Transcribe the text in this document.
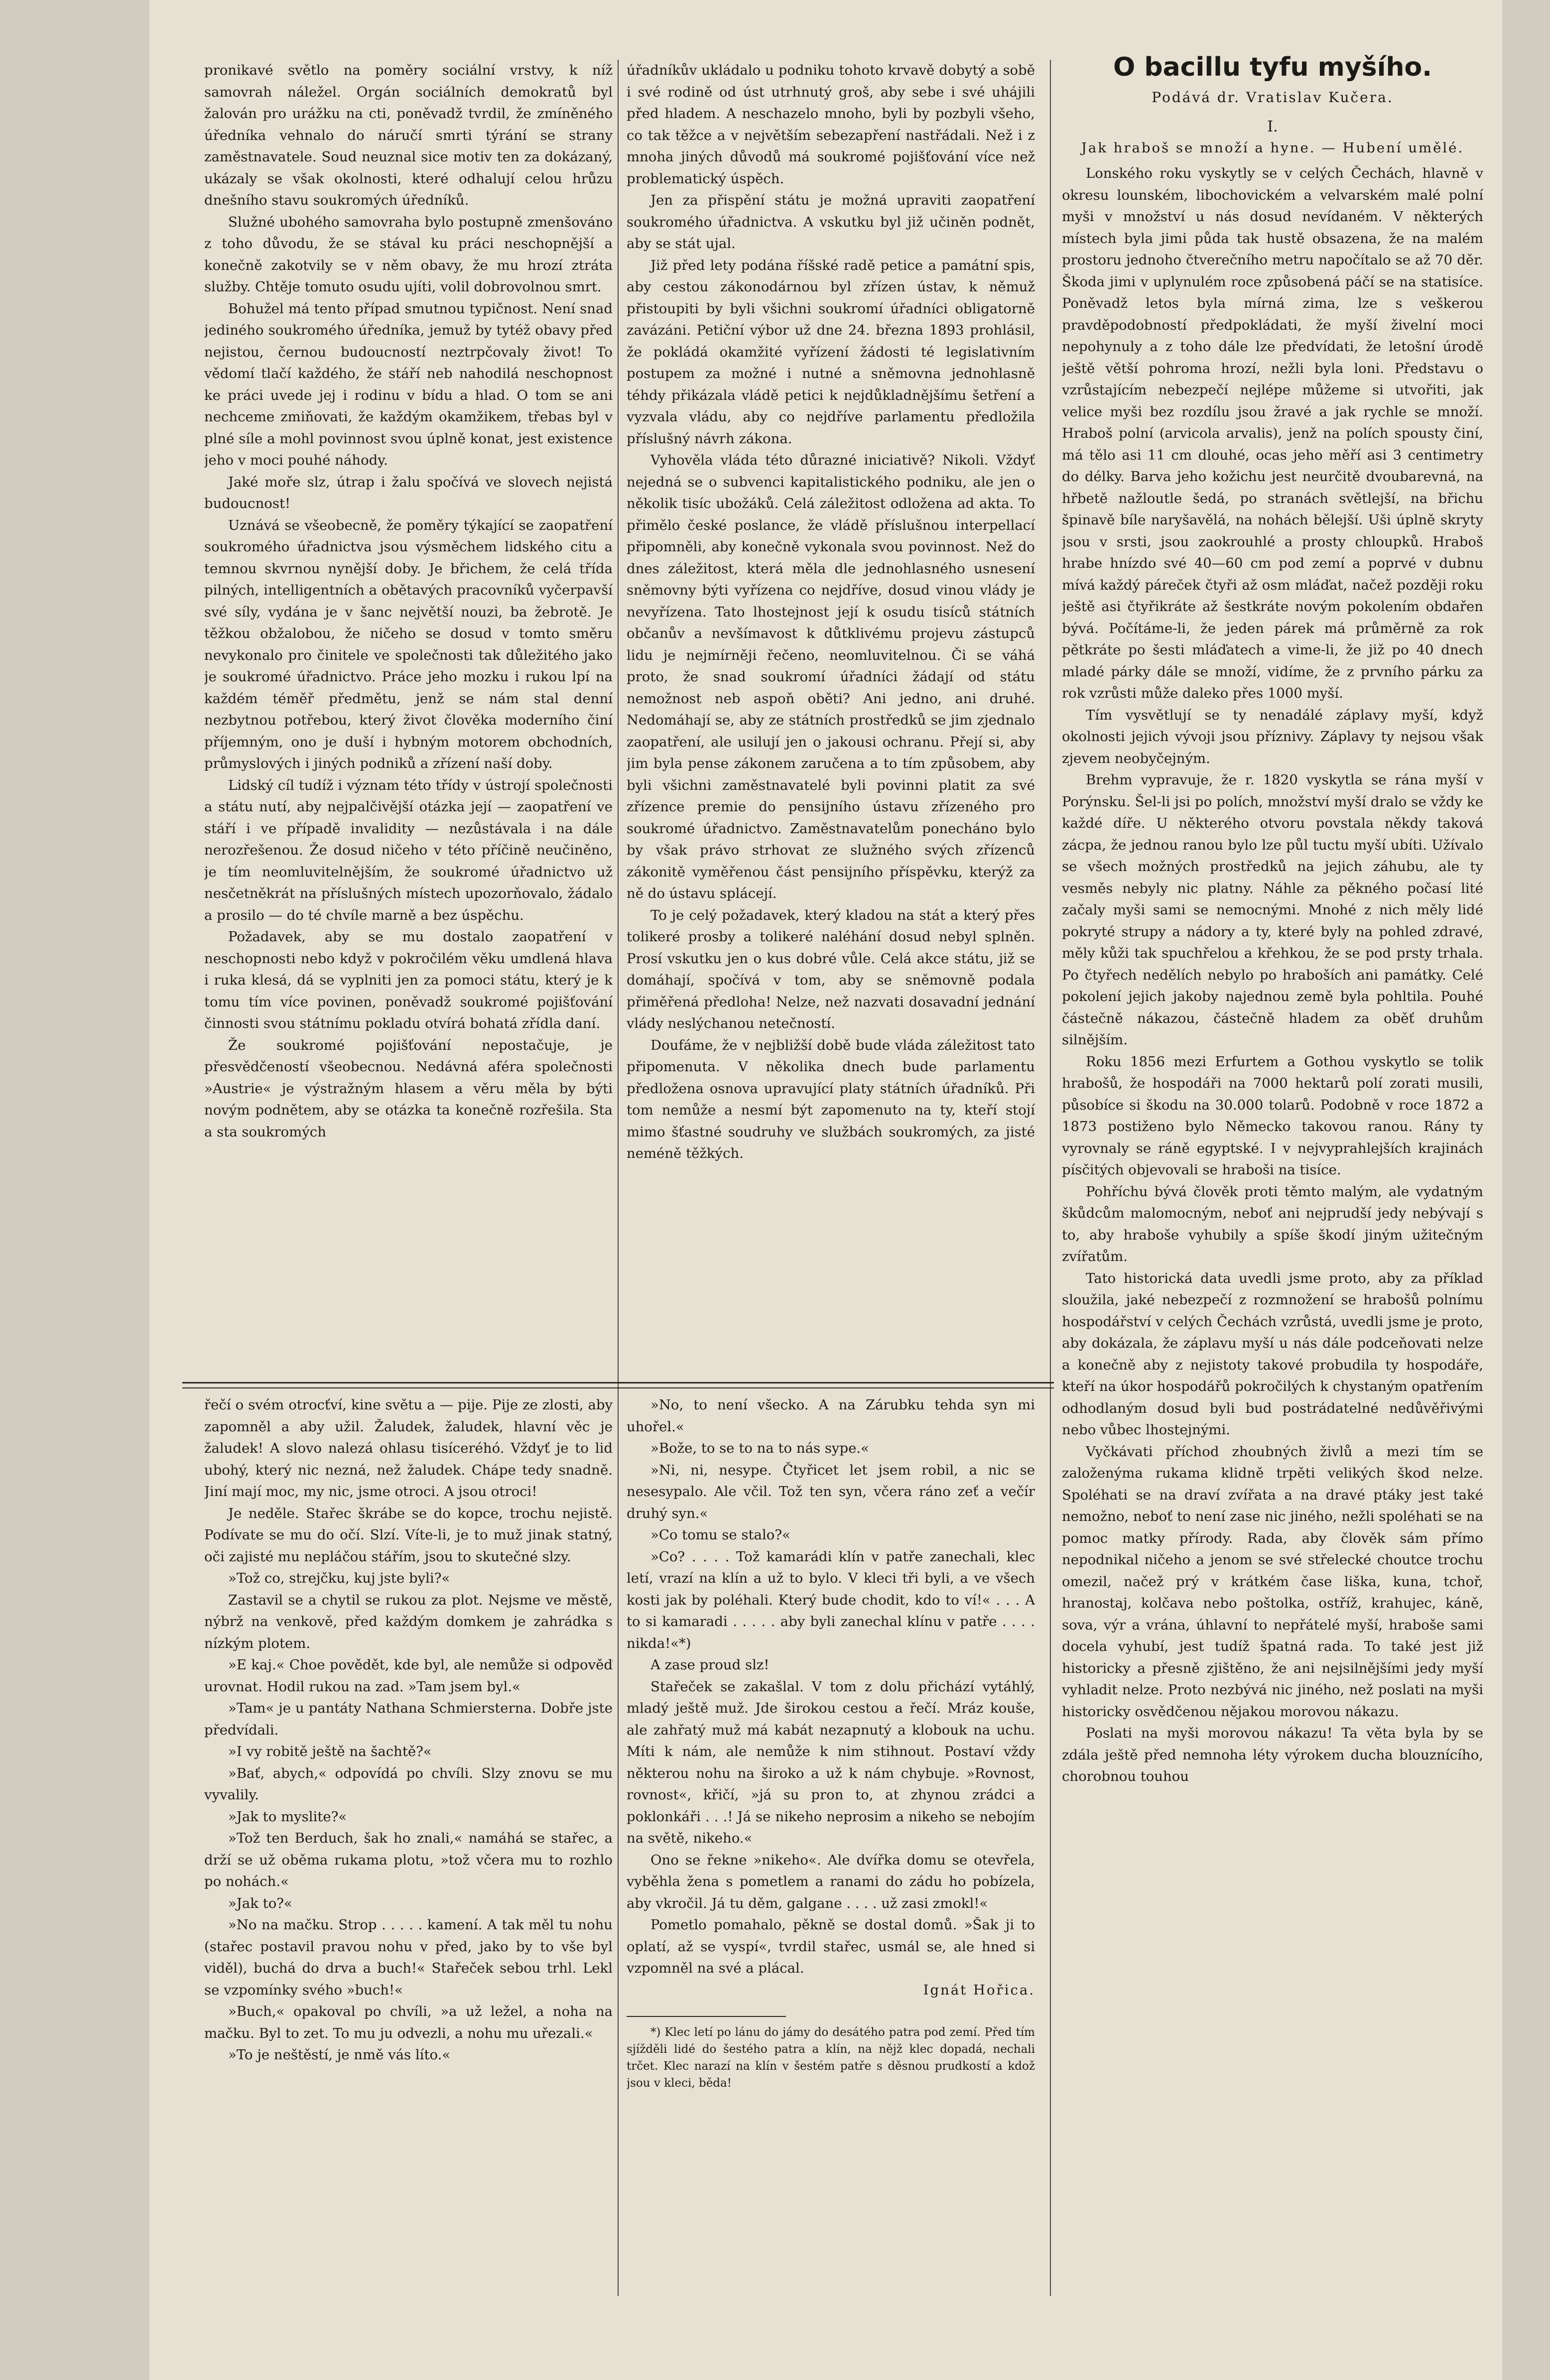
pronikavé světlo na poměry sociální vrstvy, k níž samovrah náležel. Orgán sociálních demokratů byl žalován pro urážku na cti, poněvadž tvrdil, že zmíněného úředníka vehnalo do náručí smrti týrání se strany zaměstnavatele. Soud neuznal sice motiv ten za dokázaný, ukázaly se však okolnosti, které odhalují celou hrůzu dnešního stavu soukromých úředníků.

Služné ubohého samovraha bylo postupně zmenšováno z toho důvodu, že se stával ku práci neschopnější a konečně zakotvily se v něm obavy, že mu hrozí ztráta služby. Chtěje tomuto osudu ujíti, volil dobrovolnou smrt.

Bohužel má tento případ smutnou typičnost. Není snad jediného soukromého úředníka, jemuž by tytéž obavy před nejistou, černou budoucností neztrpčovaly život! To vědomí tlačí každého, že stáří neb nahodilá neschopnost ke práci uvede jej i rodinu v bídu a hlad. O tom se ani nechceme zmiňovati, že každým okamžikem, třebas byl v plné síle a mohl povinnost svou úplně konat, jest existence jeho v moci pouhé náhody.

Jaké moře slz, útrap i žalu spočívá ve slovech nejistá budoucnost!

Uznává se všeobecně, že poměry týkající se zaopatření soukromého úřadnictva jsou výsměchem lidského citu a temnou skvrnou nynější doby. Je břichem, že celá třída pilných, intelligentních a obětavých pracovníků vyčerpavší své síly, vydána je v šanc největší nouzi, ba žebrotě. Je těžkou obžalobou, že ničeho se dosud v tomto směru nevykonalo pro činitele ve společnosti tak důležitého jako je soukromé úřadnictvo. Práce jeho mozku i rukou lpí na každém téměř předmětu, jenž se nám stal denní nezbytnou potřebou, který život člověka moderního činí příjemným, ono je duší i hybným motorem obchodních, průmyslových i jiných podniků a zřízení naší doby.

Lidský cíl tudíž i význam této třídy v ústrojí společnosti a státu nutí, aby nejpalčivější otázka její — zaopatření ve stáří i ve případě invalidity — nezůstávala i na dále nerozřešenou. Že dosud ničeho v této příčině neučiněno, je tím neomluvitelnějším, že soukromé úřadnictvo už nesčetněkrát na příslušných místech upozorňovalo, žádalo a prosilo — do té chvíle marně a bez úspěchu.

Požadavek, aby se mu dostalo zaopatření v neschopnosti nebo když v pokročilém věku umdlená hlava i ruka klesá, dá se vyplniti jen za pomoci státu, který je k tomu tím více povinen, poněvadž soukromé pojišťování činnosti svou státnímu pokladu otvírá bohatá zřídla daní.

Že soukromé pojišťování nepostačuje, je přesvědčeností všeobecnou. Nedávná aféra společnosti »Austrie« je výstražným hlasem a věru měla by býti novým podnětem, aby se otázka ta konečně rozřešila. Sta a sta soukromých

úřadníkův ukládalo u podniku tohoto krvavě dobytý a sobě i své rodině od úst utrhnutý groš, aby sebe i své uhájili před hladem. A neschazelo mnoho, byli by pozbyli všeho, co tak těžce a v největším sebezapření nastřádali. Než i z mnoha jiných důvodů má soukromé pojišťování více než problematický úspěch.

Jen za přispění státu je možná upraviti zaopatření soukromého úřadnictva. A vskutku byl již učiněn podnět, aby se stát ujal.

Již před lety podána říšské radě petice a památní spis, aby cestou zákonodárnou byl zřízen ústav, k němuž přistoupiti by byli všichni soukromí úřadníci obligatorně zavázáni. Petiční výbor už dne 24. března 1893 prohlásil, že pokládá okamžité vyřízení žádosti té legislativním postupem za možné i nutné a sněmovna jednohlasně téhdy přikázala vládě petici k nejdůkladnějšímu šetření a vyzvala vládu, aby co nejdříve parlamentu předložila příslušný návrh zákona.

Vyhověla vláda této důrazné iniciativě? Nikoli. Vždyť nejedná se o subvenci kapitalistického podniku, ale jen o několik tisíc ubožáků. Celá záležitost odložena ad akta. To přimělo české poslance, že vládě příslušnou interpellací připomněli, aby konečně vykonala svou povinnost. Než do dnes záležitost, která měla dle jednohlasného usnesení sněmovny býti vyřízena co nejdříve, dosud vinou vlády je nevyřízena. Tato lhostejnost její k osudu tisíců státních občanův a nevšímavost k důtklivému projevu zástupců lidu je nejmírněji řečeno, neomluvitelnou. Či se váhá proto, že snad soukromí úřadníci žádají od státu nemožnost neb aspoň oběti? Ani jedno, ani druhé. Nedomáhají se, aby ze státních prostředků se jim zjednalo zaopatření, ale usilují jen o jakousi ochranu. Přejí si, aby jim byla pense zákonem zaručena a to tím způsobem, aby byli všichni zaměstnavatelé byli povinni platit za své zřízence premie do pensijního ústavu zřízeného pro soukromé úřadnictvo. Zaměstnavatelům ponecháno bylo by však právo strhovat ze služného svých zřízenců zákonitě vyměřenou část pensijního příspěvku, kterýž za ně do ústavu splácejí.

To je celý požadavek, který kladou na stát a který přes tolikeré prosby a tolikeré naléhání dosud nebyl splněn. Prosí vskutku jen o kus dobré vůle. Celá akce státu, již se domáhají, spočívá v tom, aby se sněmovně podala přiměřená předloha! Nelze, než nazvati dosavadní jednání vlády neslýchanou netečností.

Doufáme, že v nejbližší době bude vláda záležitost tato připomenuta. V několika dnech bude parlamentu předložena osnova upravující platy státních úřadníků. Při tom nemůže a nesmí být zapomenuto na ty, kteří stojí mimo šťastné soudruhy ve službách soukromých, za jisté neméně těžkých.

řečí o svém otrocťví, kine světu a — pije. Pije ze zlosti, aby zapomněl a aby užil. Žaludek, žaludek, hlavní věc je žaludek! A slovo nalezá ohlasu tisíceréhó. Vždyť je to lid ubohý, který nic nezná, než žaludek. Chápe tedy snadně. Jiní mají moc, my nic, jsme otroci. A jsou otroci!

Je neděle. Stařec škrábe se do kopce, trochu nejistě. Podívate se mu do očí. Slzí. Víte-li, je to muž jinak statný, oči zajisté mu nepláčou stářím, jsou to skutečné slzy.

»Tož co, strejčku, kuj jste byli?«

Zastavil se a chytil se rukou za plot. Nejsme ve městě, nýbrž na venkově, před každým domkem je zahrádka s nízkým plotem.

»E kaj.« Choe povědět, kde byl, ale nemůže si odpověď urovnat. Hodil rukou na zad. »Tam jsem byl.«

»Tam« je u pantáty Nathana Schmiersterna. Dobře jste předvídali.

»I vy robitě ještě na šachtě?«

»Bať, abych,« odpovídá po chvíli. Slzy znovu se mu vyvalily.

»Jak to myslite?«

»Tož ten Berduch, šak ho znali,« namáhá se stařec, a drží se už oběma rukama plotu, »tož včera mu to rozhlo po nohách.«

»Jak to?«

»No na mačku. Strop . . . . . kamení. A tak měl tu nohu (stařec postavil pravou nohu v před, jako by to vše byl viděl), buchá do drva a buch!« Stařeček sebou trhl. Lekl se vzpomínky svého »buch!«

»Buch,« opakoval po chvíli, »a už ležel, a noha na mačku. Byl to zet. To mu ju odvezli, a nohu mu uřezali.«

»To je neštěstí, je nmě vás líto.«

»No, to není všecko. A na Zárubku tehda syn mi uhořel.«

»Bože, to se to na to nás sype.«

»Ni, ni, nesype. Čtyřicet let jsem robil, a nic se nesesypalo. Ale včil. Tož ten syn, včera ráno zeť a večír druhý syn.«

»Co tomu se stalo?«

»Co? . . . . Tož kamarádi klín v patře zanechali, klec letí, vrazí na klín a už to bylo. V kleci tři byli, a ve všech kosti jak by poléhali. Který bude chodit, kdo to ví!« . . . A to si kamaradi . . . . . aby byli zanechal klínu v patře . . . . nikda!«*)

A zase proud slz!

Stařeček se zakašlal. V tom z dolu přichází vytáhlý, mladý ještě muž. Jde širokou cestou a řečí. Mráz kouše, ale zahřatý muž má kabát nezapnutý a klobouk na uchu. Míti k nám, ale nemůže k nim stihnout. Postaví vždy některou nohu na široko a už k nám chybuje. »Rovnost, rovnost«, křičí, »já su pron to, at zhynou zrádci a poklonkáři . . .! Já se nikeho neprosim a nikeho se nebojím na světě, nikeho.«

Ono se řekne »nikeho«. Ale dvířka domu se otevřela, vyběhla žena s pometlem a ranami do zádu ho pobízela, aby vkročil. Já tu děm, galgane . . . . už zasi zmokl!«

Pometlo pomahalo, pěkně se dostal domů. »Šak ji to oplatí, až se vyspí«, tvrdil stařec, usmál se, ale hned si vzpomněl na své a plácal.

Ignát Hořica.

*) Klec letí po lánu do jámy do desátého patra pod zemí. Před tím sjížděli lidé do šestého patra a klín, na nějž klec dopadá, nechali trčet. Klec narazí na klín v šestém patře s děsnou prudkostí a kdož jsou v kleci, běda!

O bacillu tyfu myšího.
Podává dr. Vratislav Kučera.
I.
Jak hraboš se množí a hyne. — Hubení umělé.

Lonského roku vyskytly se v celých Čechách, hlavně v okresu lounském, libochovickém a velvarském malé polní myši v množství u nás dosud nevídaném. V některých místech byla jimi půda tak hustě obsazena, že na malém prostoru jednoho čtverečního metru napočítalo se až 70 děr. Škoda jimi v uplynulém roce způsobená páčí se na statisíce. Poněvadž letos byla mírná zima, lze s veškerou pravděpodobností předpokládati, že myší živelní moci nepohynuly a z toho dále lze předvídati, že letošní úrodě ještě větší pohroma hrozí, nežli byla loni. Představu o vzrůstajícím nebezpečí nejlépe můžeme si utvořiti, jak velice myši bez rozdílu jsou žravé a jak rychle se množí. Hraboš polní (arvicola arvalis), jenž na polích spousty činí, má tělo asi 11 cm dlouhé, ocas jeho měří asi 3 centimetry do délky. Barva jeho kožichu jest neurčitě dvoubarevná, na hřbetě nažloutle šedá, po stranách světlejší, na břichu špinavě bíle naryšavělá, na nohách bělejší. Uši úplně skryty jsou v srsti, jsou zaokrouhlé a prosty chloupků. Hraboš hrabe hnízdo své 40—60 cm pod zemí a poprvé v dubnu mívá každý páreček čtyři až osm mláďat, načež později roku ještě asi čtyřikráte až šestkráte novým pokolením obdařen bývá. Počítáme-li, že jeden párek má průměrně za rok pětkráte po šesti mláďatech a vime-li, že již po 40 dnech mladé párky dále se množí, vidíme, že z prvního párku za rok vzrůsti může daleko přes 1000 myší.

Tím vysvětlují se ty nenadálé záplavy myší, když okolnosti jejich vývoji jsou příznivy. Záplavy ty nejsou však zjevem neobyčejným.

Brehm vypravuje, že r. 1820 vyskytla se rána myší v Porýnsku. Šel-li jsi po polích, množství myší dralo se vždy ke každé díře. U některého otvoru povstala někdy taková zácpa, že jednou ranou bylo lze půl tuctu myší ubíti. Užívalo se všech možných prostředků na jejich záhubu, ale ty vesměs nebyly nic platny. Náhle za pěkného počasí lité začaly myši sami se nemocnými. Mnohé z nich měly lidé pokryté strupy a nádory a ty, které byly na pohled zdravé, měly kůži tak spuchřelou a křehkou, že se pod prsty trhala. Po čtyřech nedělích nebylo po hraboších ani památky. Celé pokolení jejich jakoby najednou země byla pohltila. Pouhé částečně nákazou, částečně hladem za oběť druhům silnějším.

Roku 1856 mezi Erfurtem a Gothou vyskytlo se tolik hrabošů, že hospodáři na 7000 hektarů polí zorati musili, působíce si škodu na 30.000 tolarů. Podobně v roce 1872 a 1873 postiženo bylo Německo takovou ranou. Rány ty vyrovnaly se ráně egyptské. I v nejvyprahlejších krajinách písčitých objevovali se hraboši na tisíce.

Pohříchu bývá člověk proti těmto malým, ale vydatným škůdcům malomocným, neboť ani nejprudší jedy nebývají s to, aby hraboše vyhubily a spíše škodí jiným užitečným zvířatům.

Tato historická data uvedli jsme proto, aby za příklad sloužila, jaké nebezpečí z rozmnožení se hrabošů polnímu hospodářství v celých Čechách vzrůstá, uvedli jsme je proto, aby dokázala, že záplavu myší u nás dále podceňovati nelze a konečně aby z nejistoty takové probudila ty hospodáře, kteří na úkor hospodářů pokročilých k chystaným opatřením odhodlaným dosud byli bud postrádatelné nedůvěřivými nebo vůbec lhostejnými.

Vyčkávati příchod zhoubných živlů a mezi tím se založenýma rukama klidně trpěti velikých škod nelze. Spoléhati se na draví zvířata a na dravé ptáky jest také nemožno, neboť to není zase nic jiného, nežli spoléhati se na pomoc matky přírody. Rada, aby člověk sám přímo nepodnikal ničeho a jenom se své střelecké choutce trochu omezil, načež prý v krátkém čase liška, kuna, tchoř, hranostaj, kolčava nebo poštolka, ostříž, krahujec, káně, sova, výr a vrána, úhlavní to nepřátelé myší, hraboše sami docela vyhubí, jest tudíž špatná rada. To také jest již historicky a přesně zjištěno, že ani nejsilnějšími jedy myší vyhladit nelze. Proto nezbývá nic jiného, než poslati na myši historicky osvědčenou nějakou morovou nákazu.

Poslati na myši morovou nákazu! Ta věta byla by se zdála ještě před nemnoha léty výrokem ducha blouznícího, chorobnou touhou
